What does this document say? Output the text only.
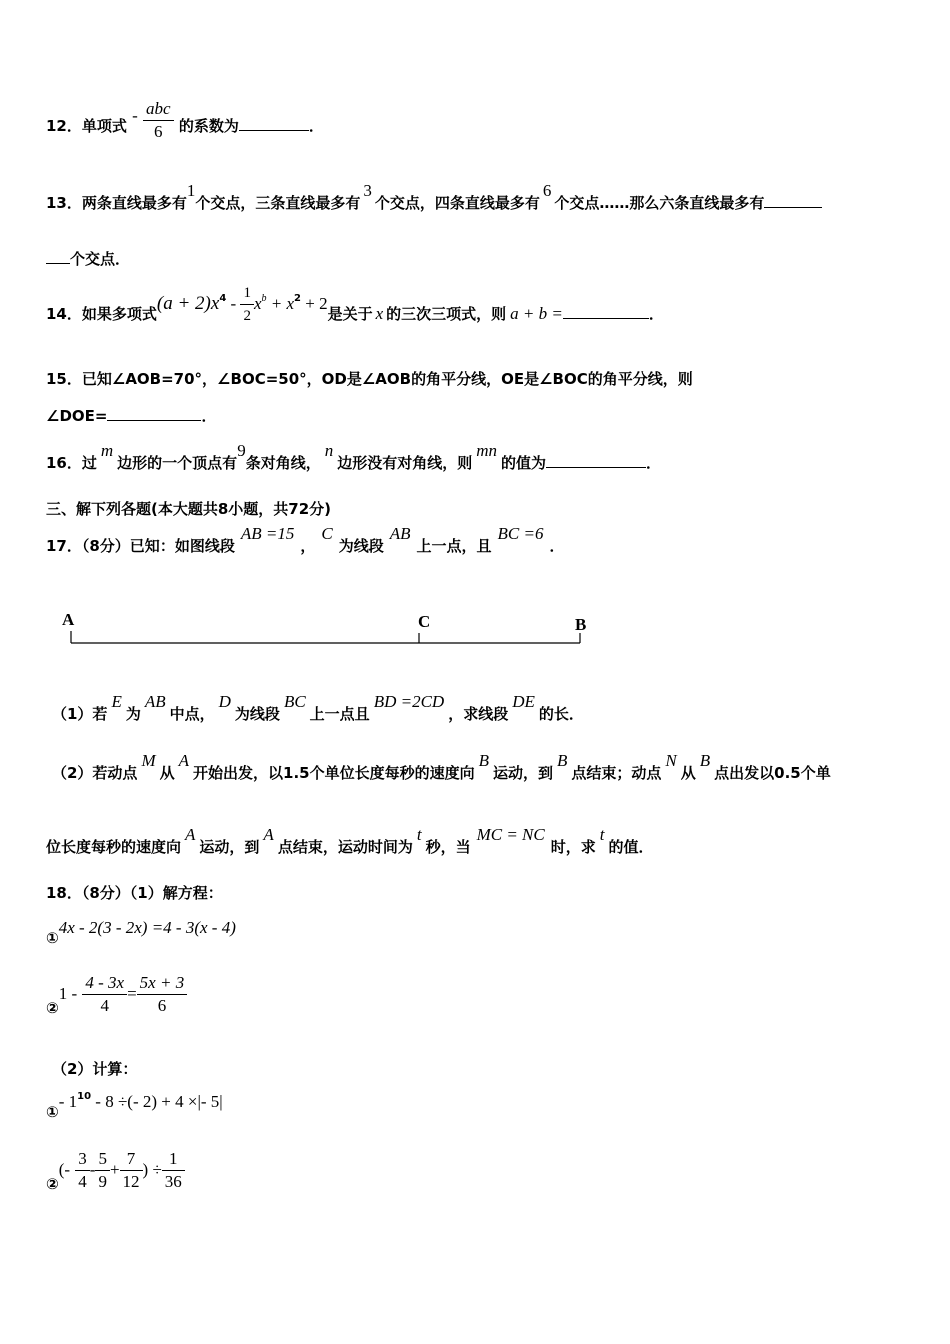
12．单项式 - $\frac{\text{abc}}{6}$ 的系数为	．
13．两条直线最多有1个交点，三条直线最多有3个交点，四条直线最多有6个交点……那么六条直线最多有
个交点．
14．如果多项式$(a + 2)x^4 - \frac{1}{2} x^b + x^2 + 2$是关于 x 的三次三项式，则 a + b =	．
15．已知∠AOB=70°，∠BOC=50°，OD是∠AOB的角平分线，OE是∠BOC的角平分线，则
∠DOE=	．
16．过m边形的一个顶点有9条对角线，n边形没有对角线，则mn的值为	．
三、解下列各题(本大题共8小题，共72分)
17．（8分）已知：如图线段AB =15，C为线段AB上一点，且BC =6．
A	C	B
（1）若E为AB中点，D为线段BC上一点且BD =2CD，求线段DE的长．
（2）若动点M从A开始出发，以1.5个单位长度每秒的速度向B运动，到B点结束；动点N从B点出发以0.5个单
位长度每秒的速度向A运动，到A点结束，运动时间为t秒，当MC = NC时，求t的值．
18．（8分）（1）解方程：
①4x - 2(3 - 2x) =4 - 3(x - 4)
②1 - $\frac{4 - 3x}{4} = \frac{5x + 3}{6}$
（2）计算：
①- $1^{10} - 8$ ÷(- 2) + 4 ×|- 5|
②(- $\frac{3}{4} - \frac{5}{9} + \frac{7}{12}$ ) ÷ $\frac{1}{36}$
